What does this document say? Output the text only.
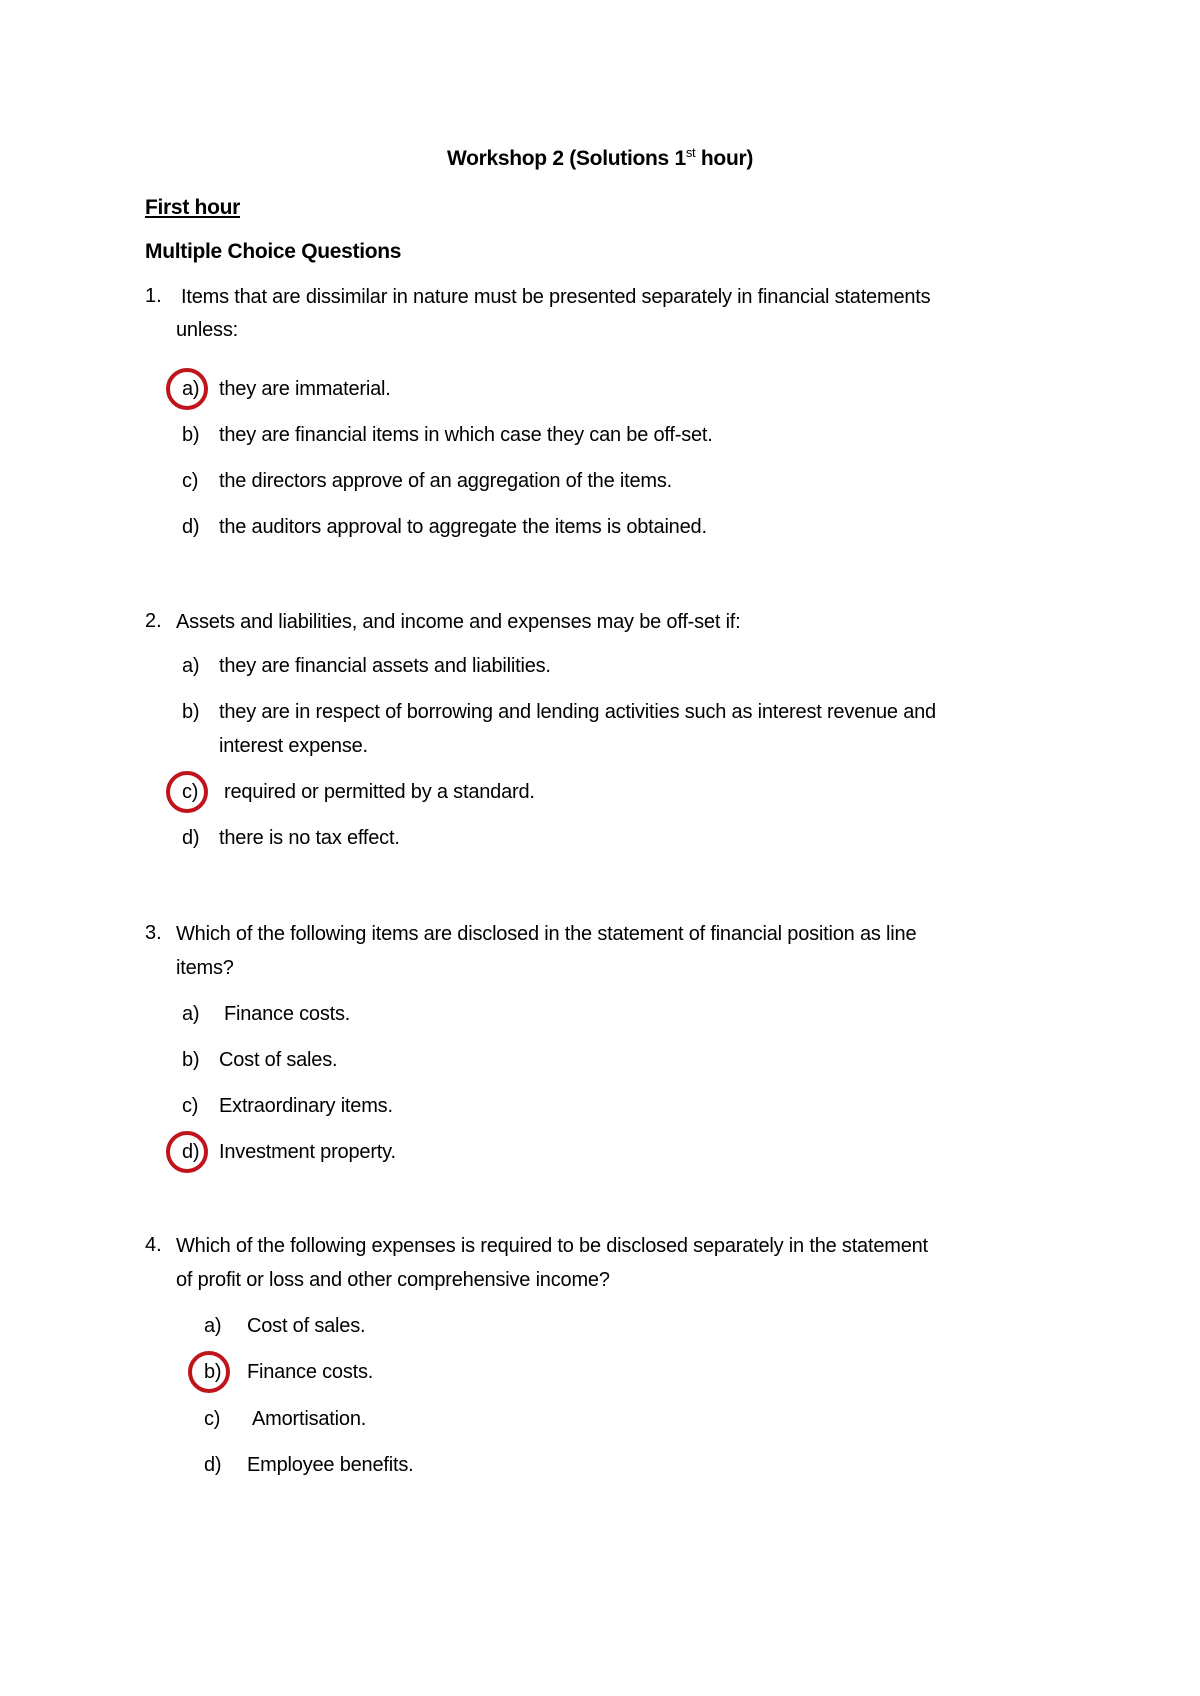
Workshop 2 (Solutions 1st hour)
First hour
Multiple Choice Questions
1. Items that are dissimilar in nature must be presented separately in financial statements
unless:
a) they are immaterial.
b) they are financial items in which case they can be off-set.
c) the directors approve of an aggregation of the items.
d) the auditors approval to aggregate the items is obtained.
2. Assets and liabilities, and income and expenses may be off-set if:
a) they are financial assets and liabilities.
b) they are in respect of borrowing and lending activities such as interest revenue and
interest expense.
c) required or permitted by a standard.
d) there is no tax effect.
3. Which of the following items are disclosed in the statement of financial position as line
items?
a) Finance costs.
b) Cost of sales.
c) Extraordinary items.
d) Investment property.
4. Which of the following expenses is required to be disclosed separately in the statement
of profit or loss and other comprehensive income?
a) Cost of sales.
b) Finance costs.
c) Amortisation.
d) Employee benefits.
